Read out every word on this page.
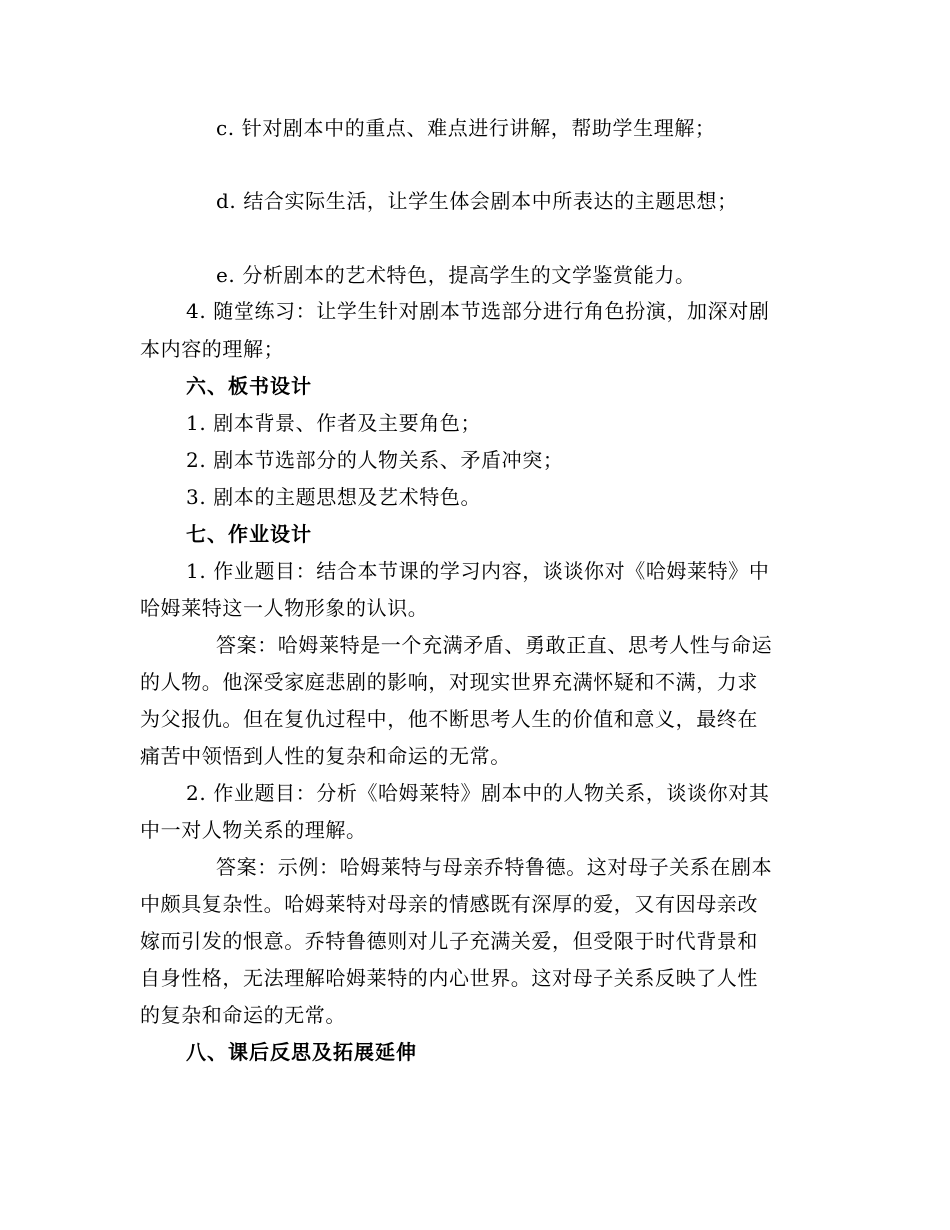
c. 针对剧本中的重点、难点进行讲解，帮助学生理解；
d. 结合实际生活，让学生体会剧本中所表达的主题思想；
e. 分析剧本的艺术特色，提高学生的文学鉴赏能力。
4. 随堂练习：让学生针对剧本节选部分进行角色扮演，加深对剧
本内容的理解；
六、板书设计
1. 剧本背景、作者及主要角色；
2. 剧本节选部分的人物关系、矛盾冲突；
3. 剧本的主题思想及艺术特色。
七、作业设计
1. 作业题目：结合本节课的学习内容，谈谈你对《哈姆莱特》中
哈姆莱特这一人物形象的认识。
答案：哈姆莱特是一个充满矛盾、勇敢正直、思考人性与命运
的人物。他深受家庭悲剧的影响，对现实世界充满怀疑和不满，力求
为父报仇。但在复仇过程中，他不断思考人生的价值和意义，最终在
痛苦中领悟到人性的复杂和命运的无常。
2. 作业题目：分析《哈姆莱特》剧本中的人物关系，谈谈你对其
中一对人物关系的理解。
答案：示例：哈姆莱特与母亲乔特鲁德。这对母子关系在剧本
中颇具复杂性。哈姆莱特对母亲的情感既有深厚的爱，又有因母亲改
嫁而引发的恨意。乔特鲁德则对儿子充满关爱，但受限于时代背景和
自身性格，无法理解哈姆莱特的内心世界。这对母子关系反映了人性
的复杂和命运的无常。
八、课后反思及拓展延伸
